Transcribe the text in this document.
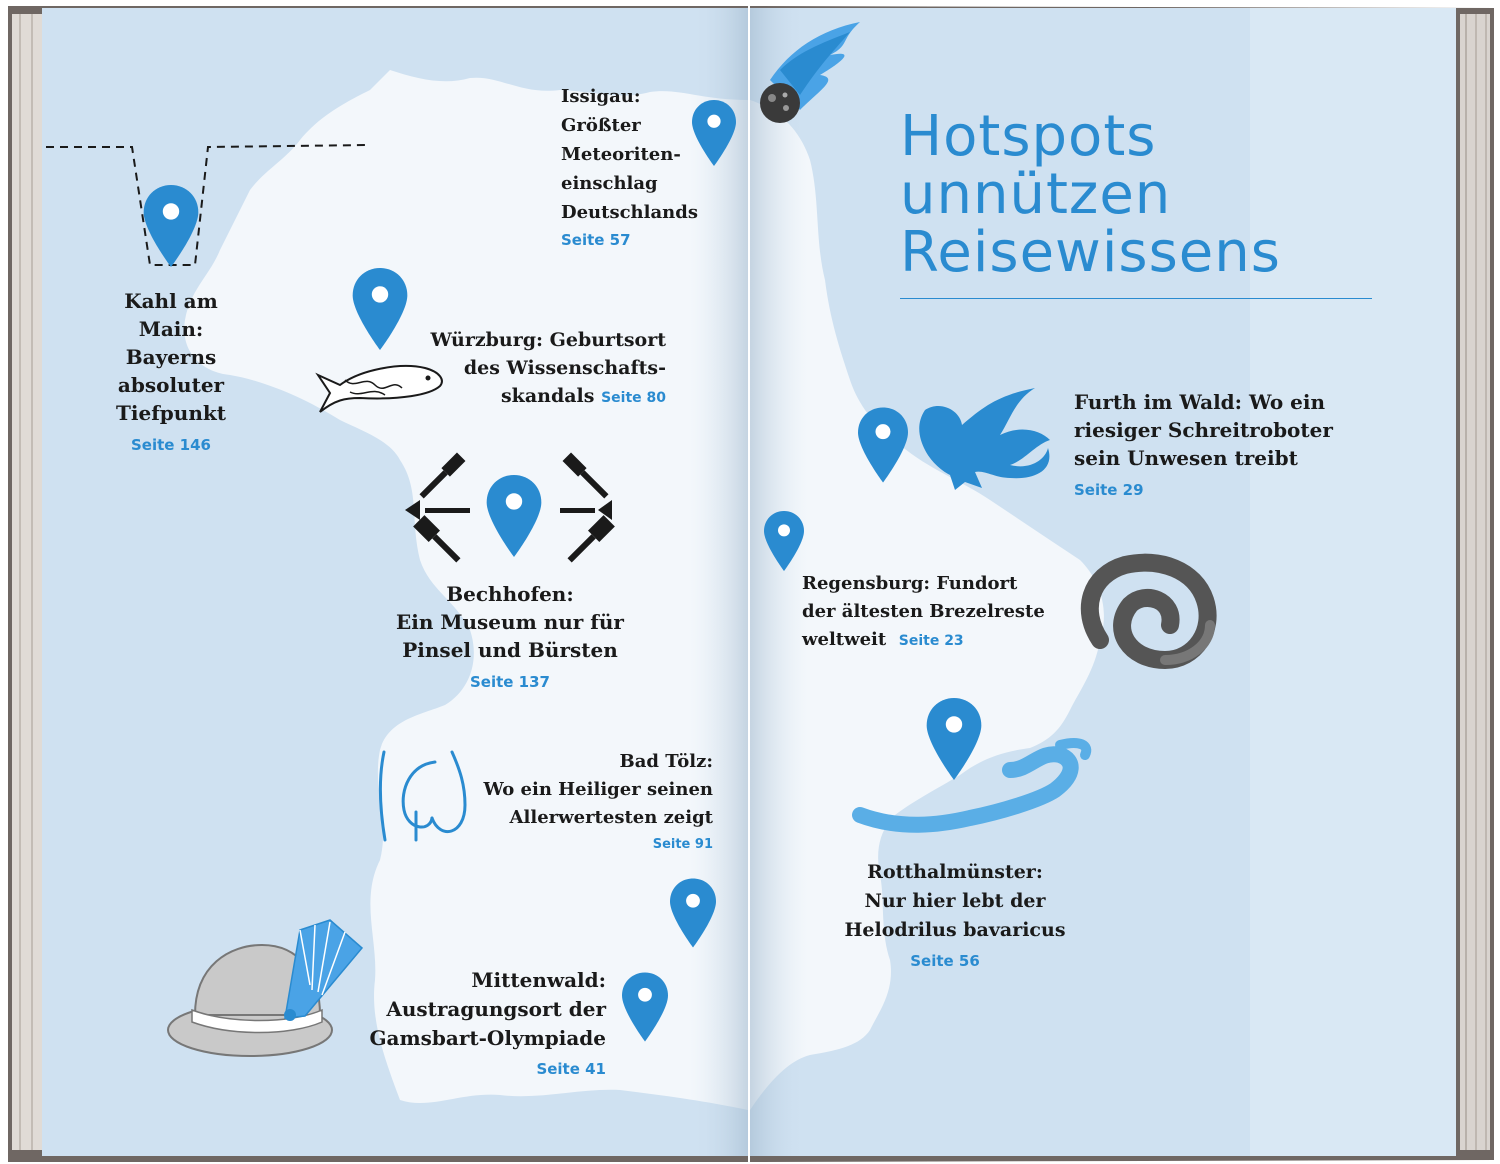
Hotspots
unnützen
Reisewissens
Kahl am
Main:
Bayerns
absoluter
Tiefpunkt
Seite 146
Issigau:
Größter
Meteoriten-
einschlag
Deutschlands
Seite 57
Würzburg: Geburtsort
des Wissenschafts-
skandals Seite 80
Bechhofen:
Ein Museum nur für
Pinsel und Bürsten
Seite 137
Bad Tölz:
Wo ein Heiliger seinen
Allerwertesten zeigt
Seite 91
Mittenwald:
Austragungsort der
Gamsbart-Olympiade
Seite 41
Furth im Wald: Wo ein
riesiger Schreitroboter
sein Unwesen treibt
Seite 29
Regensburg: Fundort
der ältesten Brezelreste
weltweit Seite 23
Rotthalmünster:
Nur hier lebt der
Helodrilus bavaricus
Seite 56
